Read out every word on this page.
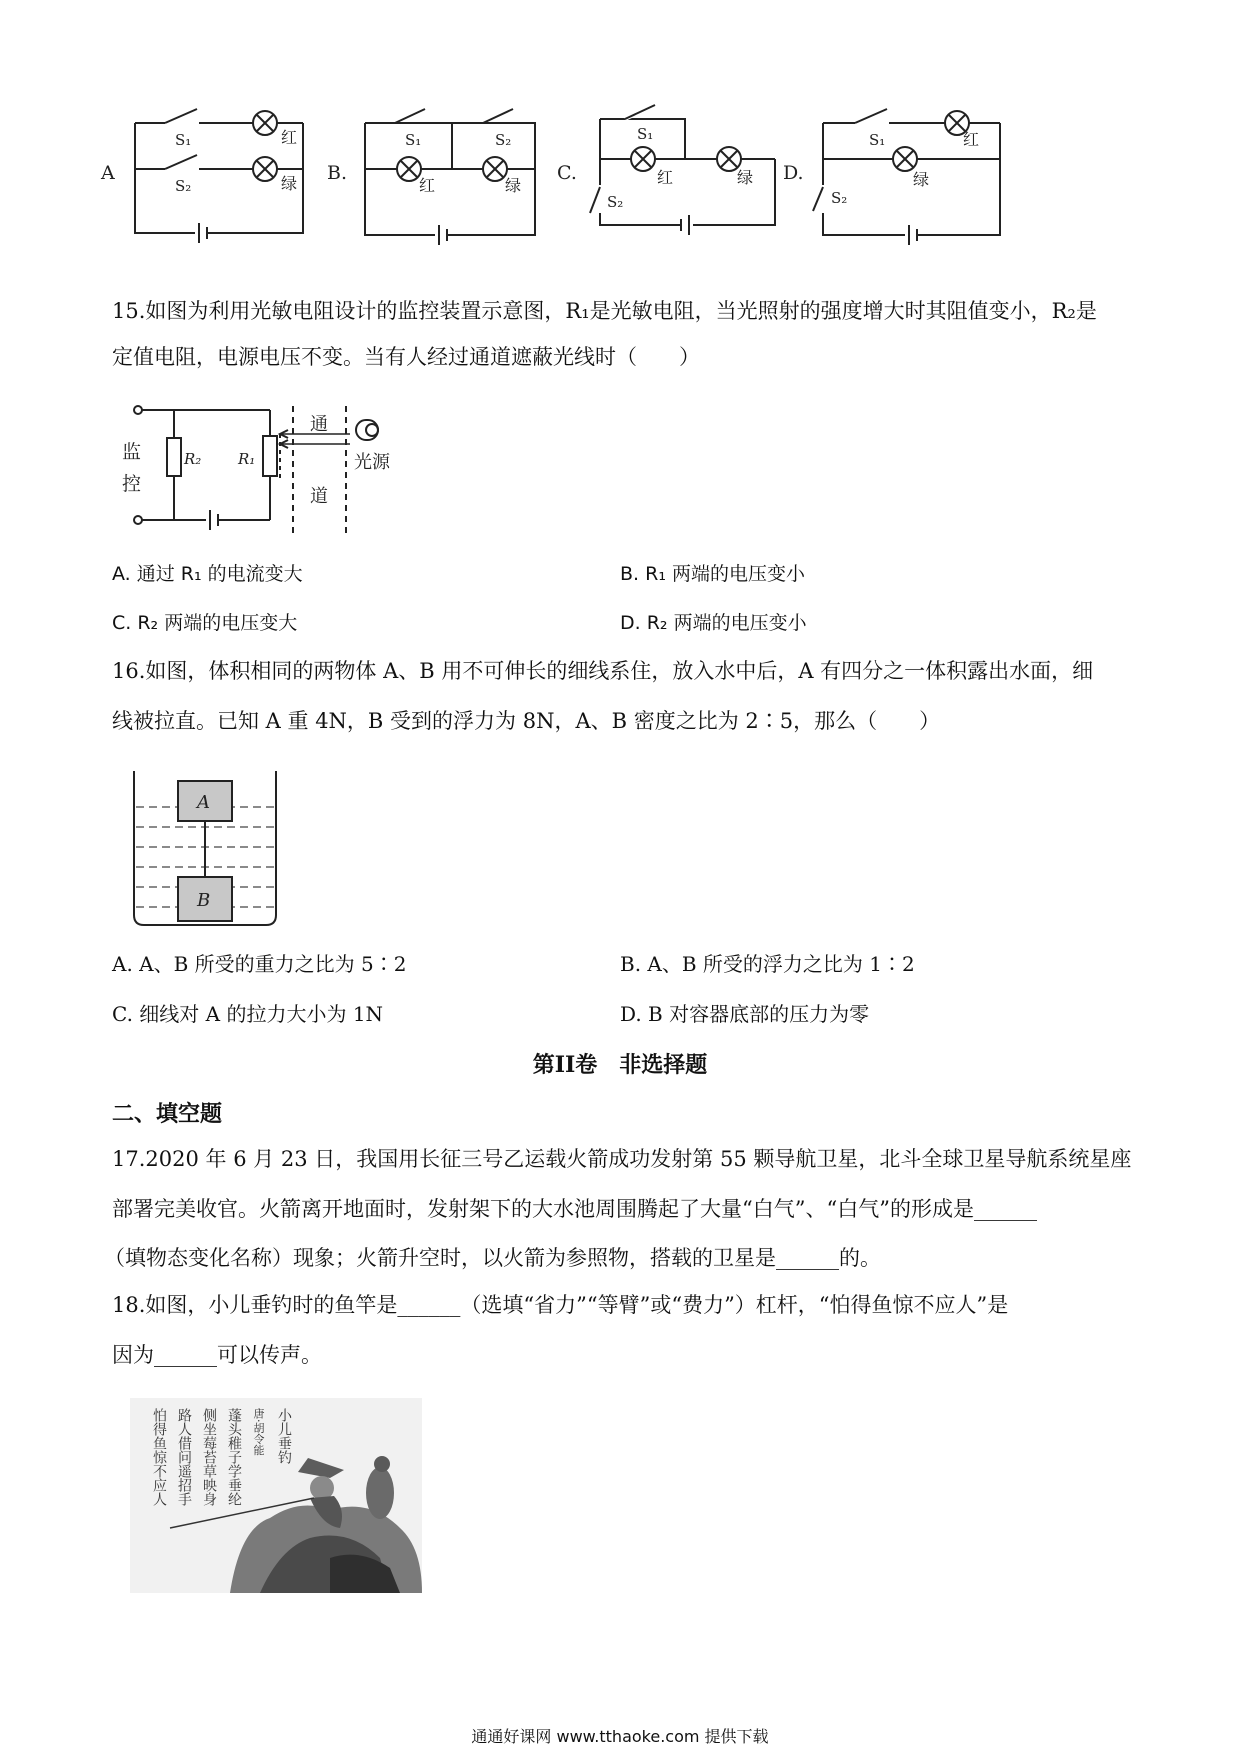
A
S₁
S₂
红
绿 B.
S₁	S₂
红	绿
C.
S₁
S₂
红	绿 D.
S₁
S₂
红
绿
15.如图为利用光敏电阻设计的监控装置示意图，R₁是光敏电阻，当光照射的强度增大时其阻值变小，R₂是
定值电阻，电源电压不变。当有人经过通道遮蔽光线时（　　）
监
控
R₂ R₁
通
道
光源
A. 通过 R₁ 的电流变大	B. R₁ 两端的电压变小
C. R₂ 两端的电压变大	D. R₂ 两端的电压变小
16.如图，体积相同的两物体 A、B 用不可伸长的细线系住，放入水中后，A 有四分之一体积露出水面，细
线被拉直。已知 A 重 4N，B 受到的浮力为 8N，A、B 密度之比为 2∶5，那么（　　）
A
B
A. A、B 所受的重力之比为 5∶2	B. A、B 所受的浮力之比为 1∶2
C. 细线对 A 的拉力大小为 1N	D. B 对容器底部的压力为零
第II卷　非选择题
二、填空题
17.2020 年 6 月 23 日，我国用长征三号乙运载火箭成功发射第 55 颗导航卫星，北斗全球卫星导航系统星座
部署完美收官。火箭离开地面时，发射架下的大水池周围腾起了大量“白气”、“白气”的形成是______
（填物态变化名称）现象；火箭升空时，以火箭为参照物，搭载的卫星是______的。
18.如图，小儿垂钓时的鱼竿是______（选填“省力”“等臂”或“费力”）杠杆，“怕得鱼惊不应人”是
因为______可以传声。
小儿垂钓
唐·胡令能
蓬头稚子学垂纶
侧坐莓苔草映身
路人借问遥招手
怕得鱼惊不应人
通通好课网 www.tthaoke.com 提供下载
